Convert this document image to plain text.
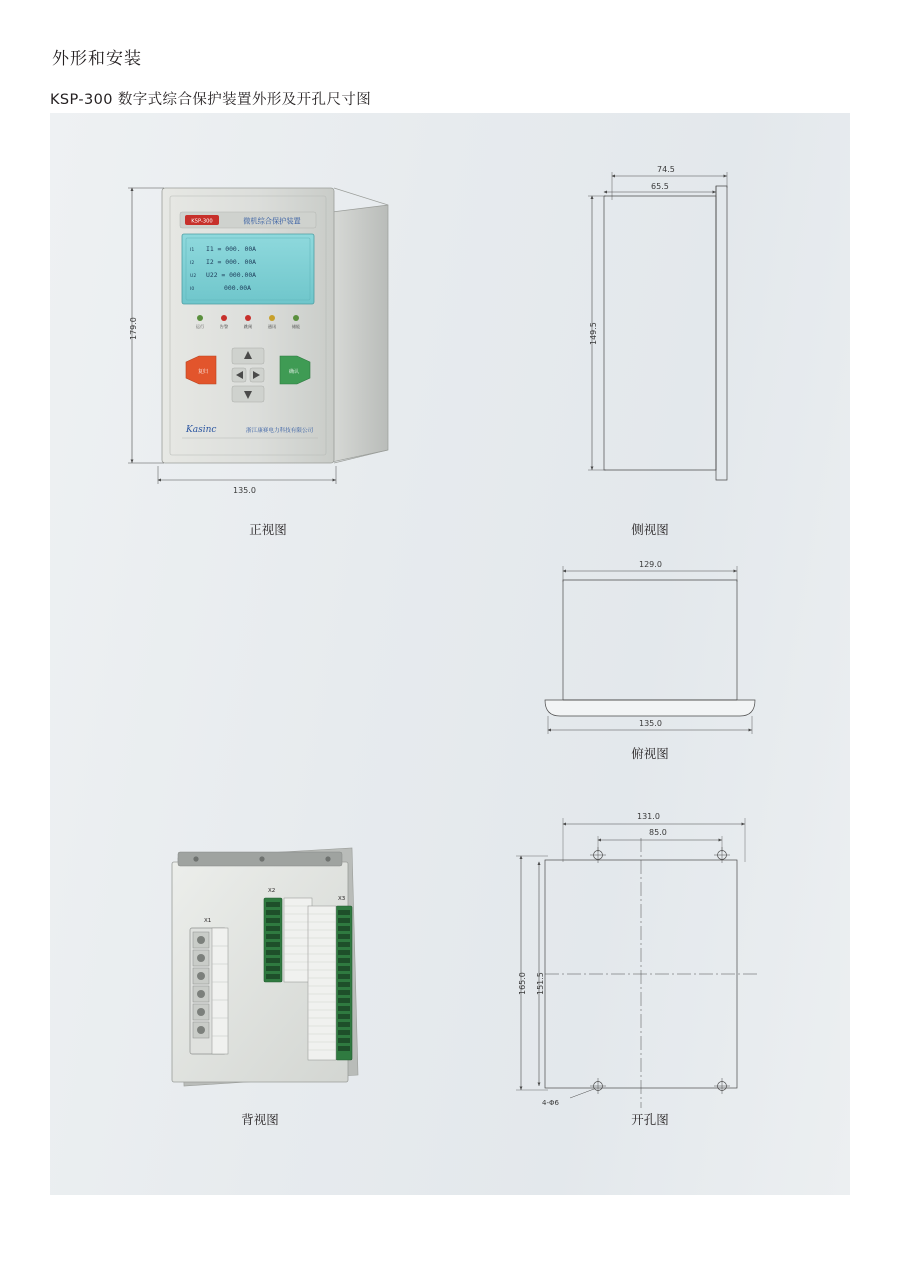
外形和安装
KSP-300 数字式综合保护装置外形及开孔尺寸图
KSP-300	微机综合保护装置
I1 = 000. 00A
I2 = 000. 00A
U22 = 000.00A
000.00A
I1
I2
U2
I0
运行	告警	跳闸	通讯	储能
复归	确认
Kasinc	浙江康赛电力科技有限公司
X1
X2
X3
179.0
135.0
74.5
65.5
149.5
129.0
135.0
131.0
85.0
165.0 151.5
4-Φ6
正视图	侧视图
俯视图
背视图	开孔图
